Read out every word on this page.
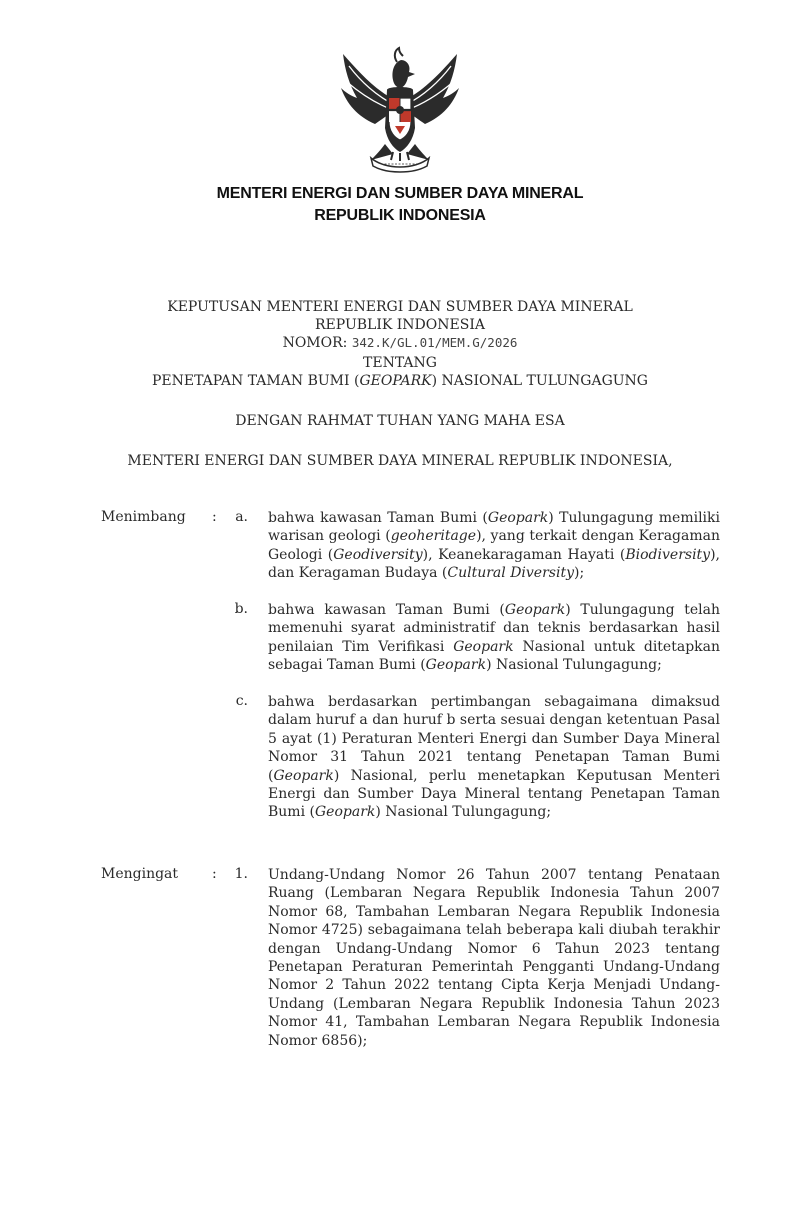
MENTERI ENERGI DAN SUMBER DAYA MINERAL
REPUBLIK INDONESIA
KEPUTUSAN MENTERI ENERGI DAN SUMBER DAYA MINERAL
REPUBLIK INDONESIA
NOMOR: 342.K/GL.01/MEM.G/2026
TENTANG
PENETAPAN TAMAN BUMI (GEOPARK) NASIONAL TULUNGAGUNG
DENGAN RAHMAT TUHAN YANG MAHA ESA
MENTERI ENERGI DAN SUMBER DAYA MINERAL REPUBLIK INDONESIA,
Menimbang :	a. bahwa kawasan Taman Bumi (Geopark) Tulungagung memiliki warisan geologi (geoheritage), yang terkait dengan Keragaman Geologi (Geodiversity), Keanekaragaman Hayati (Biodiversity), dan Keragaman Budaya (Cultural Diversity);
b. bahwa kawasan Taman Bumi (Geopark) Tulungagung telah memenuhi syarat administratif dan teknis berdasarkan hasil penilaian Tim Verifikasi Geopark Nasional untuk ditetapkan sebagai Taman Bumi (Geopark) Nasional Tulungagung;
c. bahwa berdasarkan pertimbangan sebagaimana dimaksud dalam huruf a dan huruf b serta sesuai dengan ketentuan Pasal 5 ayat (1) Peraturan Menteri Energi dan Sumber Daya Mineral Nomor 31 Tahun 2021 tentang Penetapan Taman Bumi (Geopark) Nasional, perlu menetapkan Keputusan Menteri Energi dan Sumber Daya Mineral tentang Penetapan Taman Bumi (Geopark) Nasional Tulungagung;
Mengingat :	1. Undang-Undang Nomor 26 Tahun 2007 tentang Penataan Ruang (Lembaran Negara Republik Indonesia Tahun 2007 Nomor 68, Tambahan Lembaran Negara Republik Indonesia Nomor 4725) sebagaimana telah beberapa kali diubah terakhir dengan Undang-Undang Nomor 6 Tahun 2023 tentang Penetapan Peraturan Pemerintah Pengganti Undang-Undang Nomor 2 Tahun 2022 tentang Cipta Kerja Menjadi Undang-Undang (Lembaran Negara Republik Indonesia Tahun 2023 Nomor 41, Tambahan Lembaran Negara Republik Indonesia Nomor 6856);
